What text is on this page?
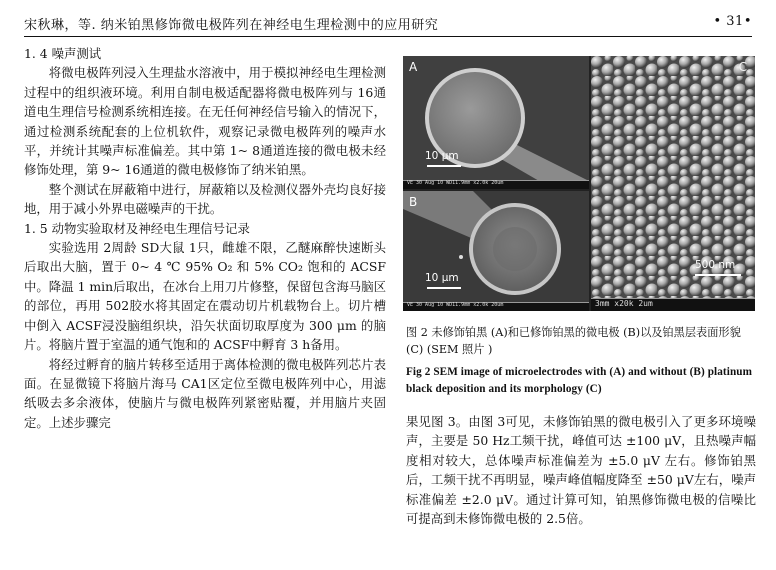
宋秋琳，等. 纳米铂黑修饰微电极阵列在神经电生理检测中的应用研究	• 31•

1. 4 噪声测试

将微电极阵列浸入生理盐水溶液中，用于模拟神经电生理检测过程中的组织液环境。利用自制电极适配器将微电极阵列与 16通道电生理信号检测系统相连接。在无任何神经信号输入的情况下，通过检测系统配套的上位机软件，观察记录微电极阵列的噪声水平，并统计其噪声标准偏差。其中第 1~ 8通道连接的微电极未经修饰处理，第 9~ 16通道的微电极修饰了纳米铂黑。

整个测试在屏蔽箱中进行，屏蔽箱以及检测仪器外壳均良好接地，用于减小外界电磁噪声的干扰。

1. 5 动物实验取材及神经电生理信号记录

实验选用 2周龄 SD大鼠 1只，雌雄不限，乙醚麻醉快速断头后取出大脑，置于 0~ 4 ℃ 95% O₂ 和 5% CO₂ 饱和的 ACSF中。降温 1 min后取出，在冰台上用刀片修整，保留包含海马脑区的部位，再用 502胶水将其固定在震动切片机载物台上。切片槽中倒入 ACSF浸没脑组织块，沿矢状面切取厚度为 300 μm 的脑片。将脑片置于室温的通气饱和的 ACSF中孵育 3 h备用。

将经过孵育的脑片转移至适用于离体检测的微电极阵列芯片表面。在显微镜下将脑片海马 CA1区定位至微电极阵列中心，用滤纸吸去多余液体，使脑片与微电极阵列紧密贴覆，并用脑片夹固定。上述步骤完

A
10 μm
VE 30 Aug 10 WD11.9mm x2.0k 20um
B
10 μm
VE 30 Aug 10 WD11.9mm x2.0k 20um
C
500 nm
3mm x20k 2um

图 2 未修饰铂黑 (A)和已修饰铂黑的微电极 (B)以及铂黑层表面形貌 (C) (SEM 照片 )

Fig 2 SEM image of microelectrodes with (A) and without (B) platinum black deposition and its morphology (C)

果见图 3。由图 3可见，未修饰铂黑的微电极引入了更多环境噪声，主要是 50 Hz工频干扰，峰值可达 ±100 μV，且热噪声幅度相对较大，总体噪声标准偏差为 ±5.0 μV 左右。修饰铂黑后，工频干扰不再明显，噪声峰值幅度降至 ±50 μV左右，噪声标准偏差 ±2.0 μV。通过计算可知，铂黑修饰微电极的信噪比可提高到未修饰微电极的 2.5倍。
